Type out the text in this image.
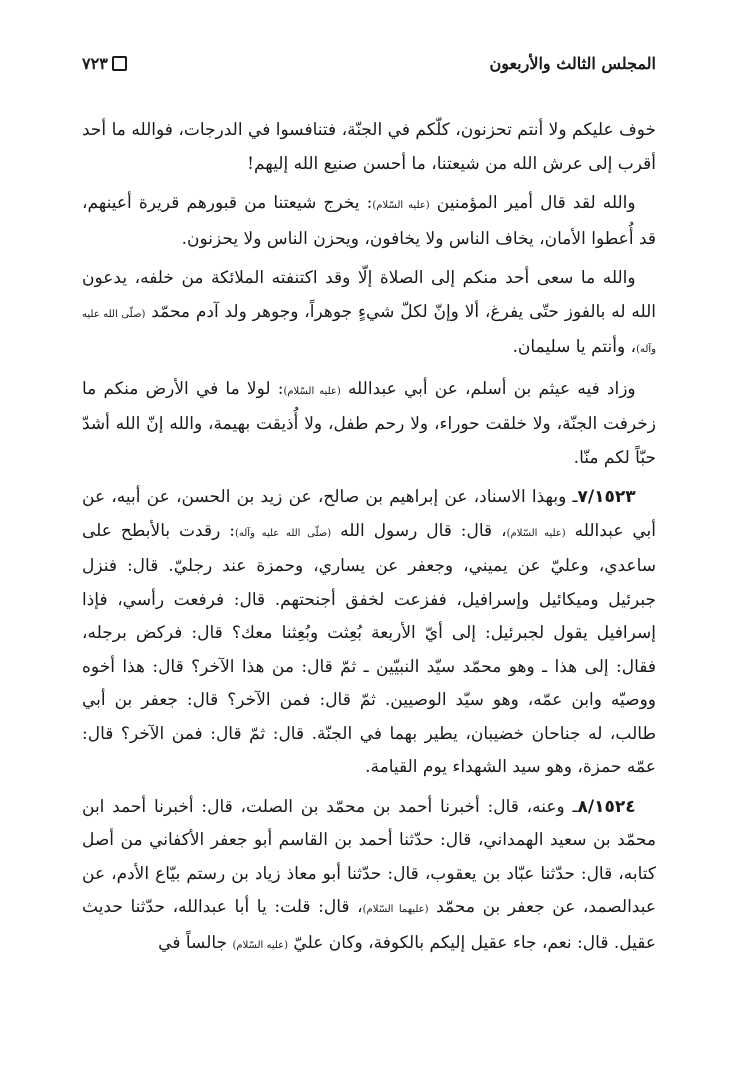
المجلس الثالث والأربعون
٧٢٣

خوف عليكم ولا أنتم تحزنون، كلّكم في الجنّة، فتنافسوا في الدرجات، فوالله ما أحد أقرب إلى عرش الله من شيعتنا، ما أحسن صنيع الله إليهم!

والله لقد قال أمير المؤمنين (عليه السّلام): يخرج شيعتنا من قبورهم قريرة أعينهم، قد أُعطوا الأمان، يخاف الناس ولا يخافون، ويحزن الناس ولا يحزنون.

والله ما سعى أحد منكم إلى الصلاة إلّا وقد اكتنفته الملائكة من خلفه، يدعون الله له بالفوز حتّى يفرغ، ألا وإنّ لكلّ شيءٍ جوهراً، وجوهر ولد آدم محمّد (صلّى الله عليه وآله)، وأنتم يا سليمان.

وزاد فيه عيثم بن أسلم، عن أبي عبدالله (عليه السّلام): لولا ما في الأرض منكم ما زخرفت الجنّة، ولا خلقت حوراء، ولا رحم طفل، ولا أُذيقت بهيمة، والله إنّ الله أشدّ حبّاً لكم منّا.

٧/١٥٢٣ـ وبهذا الاسناد، عن إبراهيم بن صالح، عن زيد بن الحسن، عن أبيه، عن أبي عبدالله (عليه السّلام)، قال: قال رسول الله (صلّى الله عليه وآله): رقدت بالأبطح على ساعدي، وعليّ عن يميني، وجعفر عن يساري، وحمزة عند رجليّ. قال: فنزل جبرئيل وميكائيل وإسرافيل، ففزعت لخفق أجنحتهم. قال: فرفعت رأسي، فإذا إسرافيل يقول لجبرئيل: إلى أيّ الأربعة بُعِثت وبُعِثنا معك؟ قال: فركض برجله، فقال: إلى هذا ـ وهو محمّد سيّد النبيّين ـ ثمّ قال: من هذا الآخر؟ قال: هذا أخوه ووصيّه وابن عمّه، وهو سيّد الوصيين. ثمّ قال: فمن الآخر؟ قال: جعفر بن أبي طالب، له جناحان خضيبان، يطير بهما في الجنّة. قال: ثمّ قال: فمن الآخر؟ قال: عمّه حمزة، وهو سيد الشهداء يوم القيامة.

٨/١٥٢٤ـ وعنه، قال: أخبرنا أحمد بن محمّد بن الصلت، قال: أخبرنا أحمد ابن محمّد بن سعيد الهمداني، قال: حدّثنا أحمد بن القاسم أبو جعفر الأكفاني من أصل كتابه، قال: حدّثنا عبّاد بن يعقوب، قال: حدّثنا أبو معاذ زياد بن رستم بيّاع الأدم، عن عبدالصمد، عن جعفر بن محمّد (عليهما السّلام)، قال: قلت: يا أبا عبدالله، حدّثنا حديث عقيل. قال: نعم، جاء عقيل إليكم بالكوفة، وكان عليّ (عليه السّلام) جالساً في
